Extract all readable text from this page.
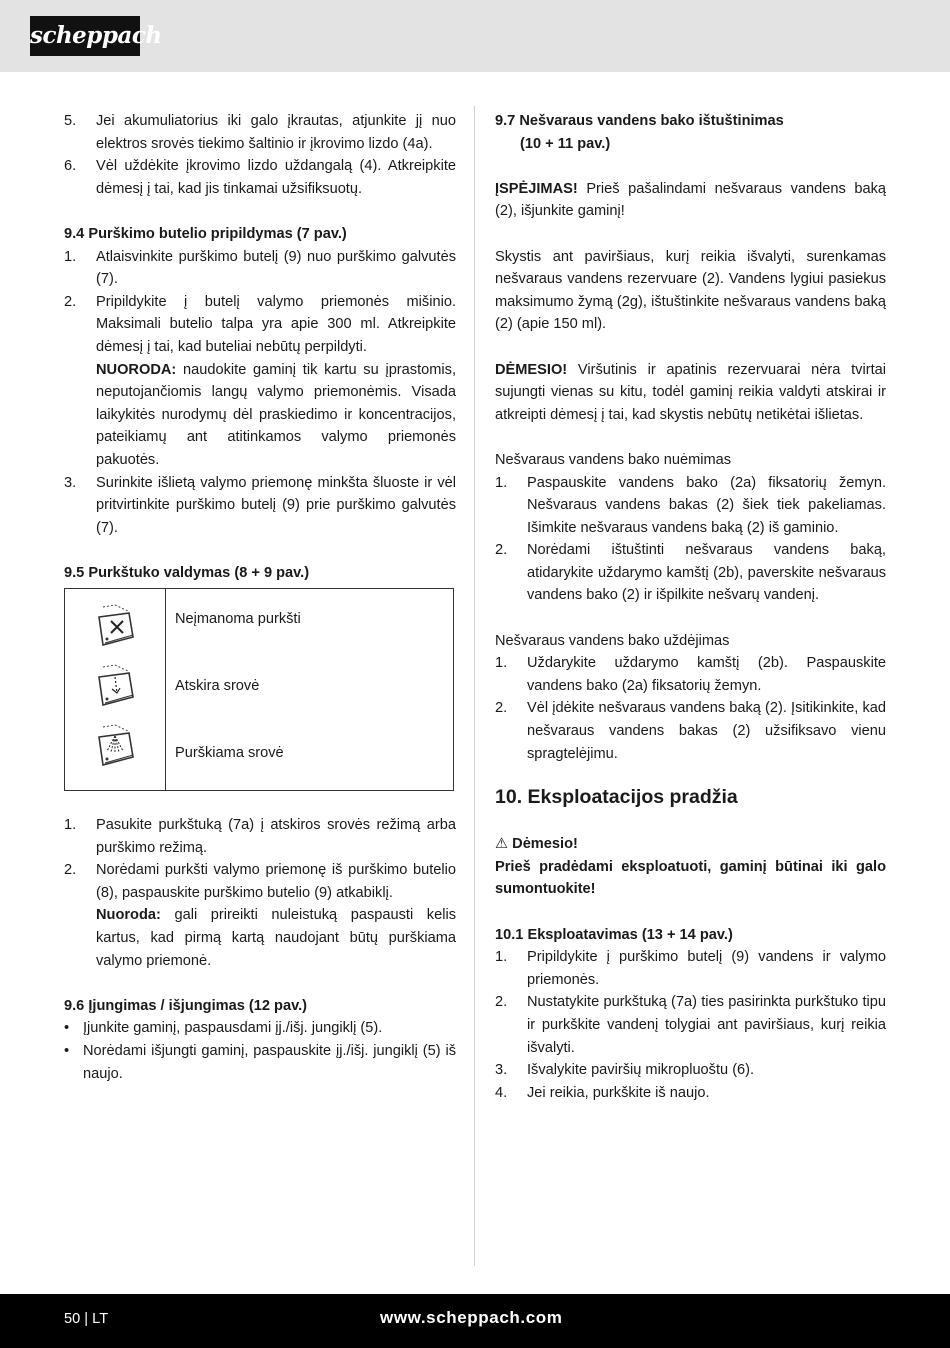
scheppach
5. Jei akumuliatorius iki galo įkrautas, atjunkite jį nuo elektros srovės tiekimo šaltinio ir įkrovimo lizdo (4a).
6. Vėl uždėkite įkrovimo lizdo uždangalą (4). Atkreipkite dėmesį į tai, kad jis tinkamai užsifiksuotų.
9.4 Purškimo butelio pripildymas (7 pav.)
1. Atlaisvinkite purškimo butelį (9) nuo purškimo galvutės (7).
2. Pripildykite į butelį valymo priemonės mišinio. Maksimali butelio talpa yra apie 300 ml. Atkreipkite dėmesį į tai, kad buteliai nebūtų perpildyti.
NUORODA: naudokite gaminį tik kartu su įprastomis, neputojančiomis langų valymo priemonėmis. Visada laikykitės nurodymų dėl praskiedimo ir koncentracijos, pateikiamų ant atitinkamos valymo priemonės pakuotės.
3. Surinkite išlietą valymo priemonę minkšta šluoste ir vėl pritvirtinkite purškimo butelį (9) prie purškimo galvutės (7).
9.5 Purkštuko valdymas (8 + 9 pav.)

Neįmanoma purkšti
Atskira srovė
Purškiama srovė
1. Pasukite purkštuką (7a) į atskiros srovės režimą arba purškimo režimą.
2. Norėdami purkšti valymo priemonę iš purškimo butelio (8), paspauskite purškimo butelio (9) atkabiklį.
Nuoroda: gali prireikti nuleistuką paspausti kelis kartus, kad pirmą kartą naudojant būtų purškiama valymo priemonė.
9.6 Įjungimas / išjungimas (12 pav.)
• Įjunkite gaminį, paspausdami įj./išj. jungiklį (5).
• Norėdami išjungti gaminį, paspauskite įj./išj. jungiklį (5) iš naujo.
9.7 Nešvaraus vandens bako ištuštinimas
(10 + 11 pav.)
ĮSPĖJIMAS! Prieš pašalindami nešvaraus vandens baką (2), išjunkite gaminį!
Skystis ant paviršiaus, kurį reikia išvalyti, surenkamas nešvaraus vandens rezervuare (2). Vandens lygiui pasiekus maksimumo žymą (2g), ištuštinkite nešvaraus vandens baką (2) (apie 150 ml).
DĖMESIO! Viršutinis ir apatinis rezervuarai nėra tvirtai sujungti vienas su kitu, todėl gaminį reikia valdyti atskirai ir atkreipti dėmesį į tai, kad skystis nebūtų netikėtai išlietas.
Nešvaraus vandens bako nuėmimas
1. Paspauskite vandens bako (2a) fiksatorių žemyn. Nešvaraus vandens bakas (2) šiek tiek pakeliamas. Išimkite nešvaraus vandens baką (2) iš gaminio.
2. Norėdami ištuštinti nešvaraus vandens baką, atidarykite uždarymo kamštį (2b), paverskite nešvaraus vandens bako (2) ir išpilkite nešvarų vandenį.
Nešvaraus vandens bako uždėjimas
1. Uždarykite uždarymo kamštį (2b). Paspauskite vandens bako (2a) fiksatorių žemyn.
2. Vėl įdėkite nešvaraus vandens baką (2). Įsitikinkite, kad nešvaraus vandens bakas (2) užsifiksavo vienu spragtelėjimu.
10. Eksploatacijos pradžia
⚠ Dėmesio!
Prieš pradėdami eksploatuoti, gaminį būtinai iki galo sumontuokite!
10.1 Eksploatavimas (13 + 14 pav.)
1. Pripildykite į purškimo butelį (9) vandens ir valymo priemonės.
2. Nustatykite purkštuką (7a) ties pasirinkta purkštuko tipu ir purkškite vandenį tolygiai ant paviršiaus, kurį reikia išvalyti.
3. Išvalykite paviršių mikropluoštu (6).
4. Jei reikia, purkškite iš naujo.
50 | LT	www.scheppach.com
